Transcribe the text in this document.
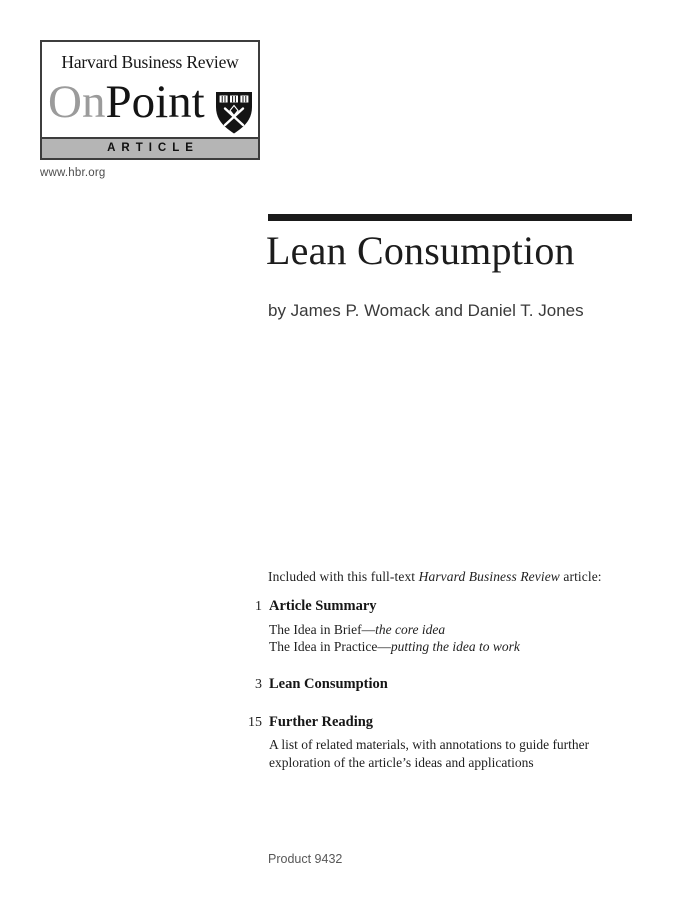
Harvard Business Review
OnPoint
ARTICLE
www.hbr.org
Lean Consumption
by James P. Womack and Daniel T. Jones
Included with this full-text Harvard Business Review article:
1 Article Summary
The Idea in Brief—the core idea
The Idea in Practice—putting the idea to work
3 Lean Consumption
15 Further Reading
A list of related materials, with annotations to guide further
exploration of the article’s ideas and applications
Product 9432
